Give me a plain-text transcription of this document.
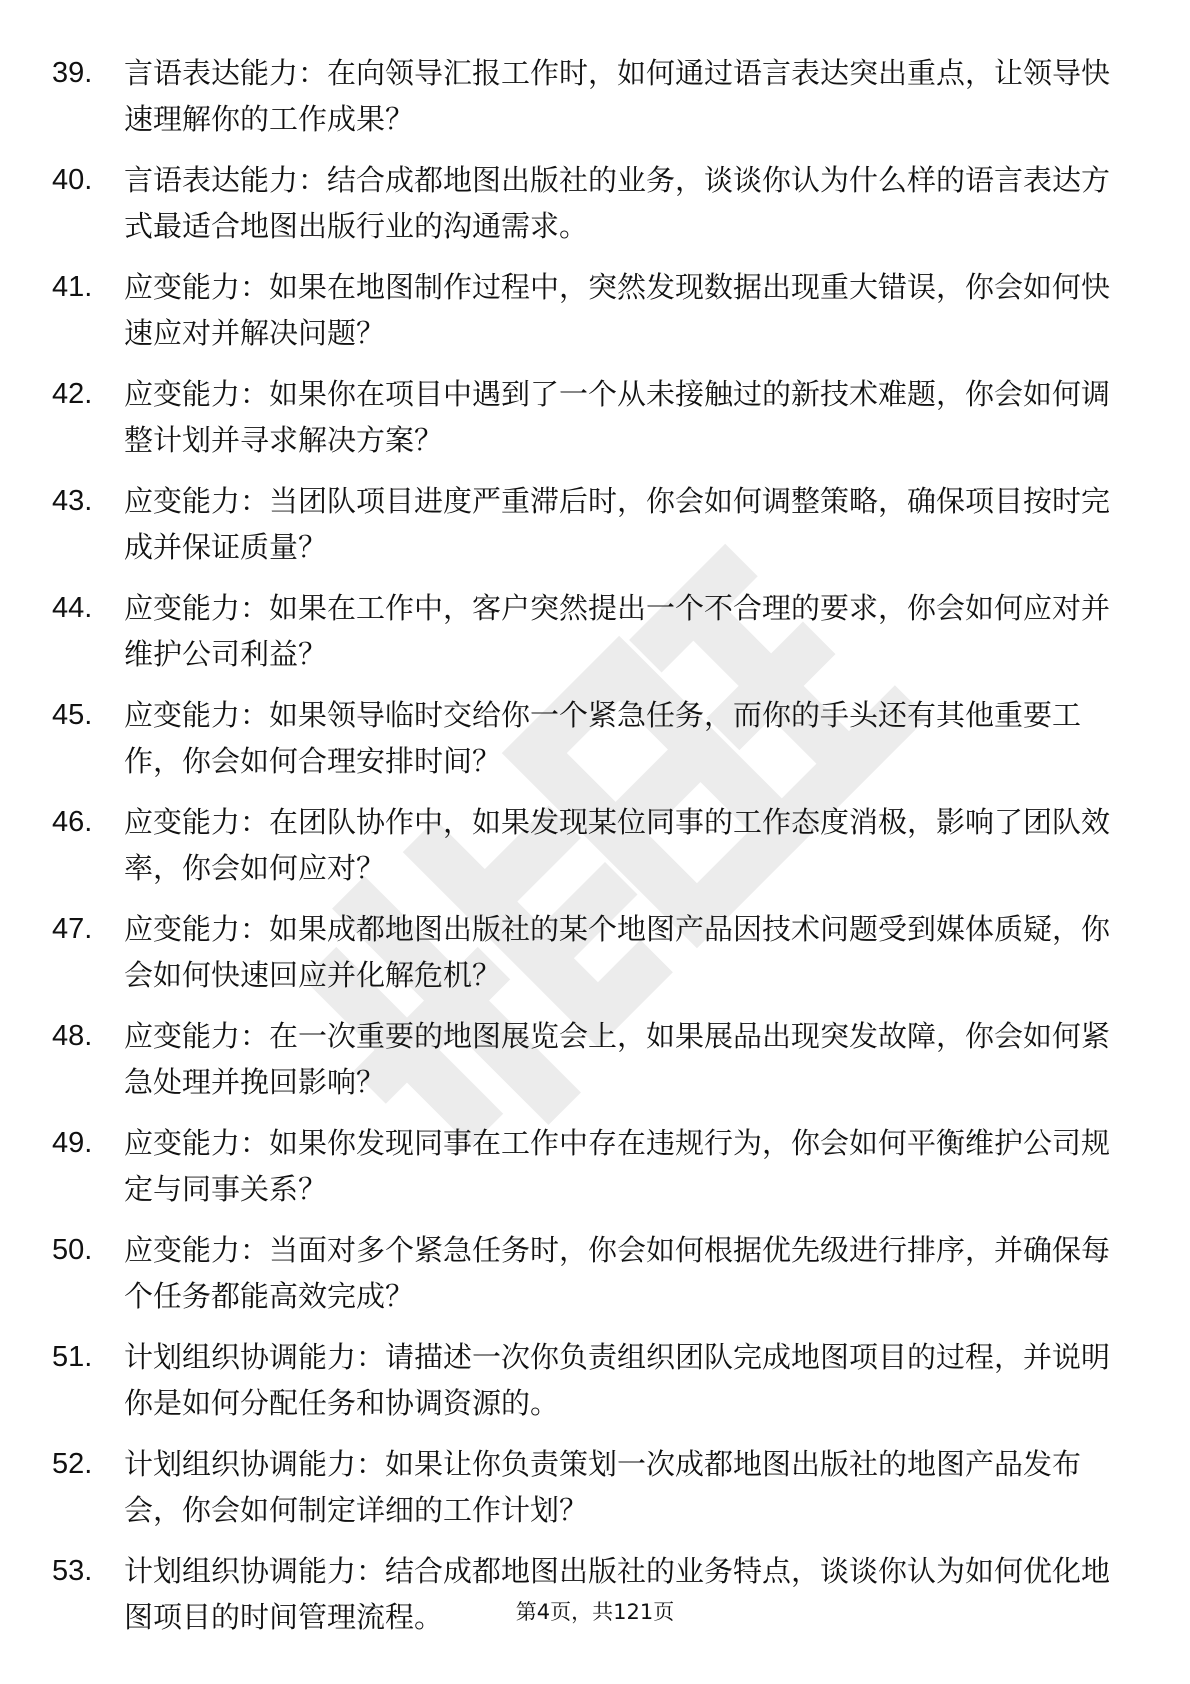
39.	言语表达能力：在向领导汇报工作时，如何通过语言表达突出重点，让领导快速理解你的工作成果？
40.	言语表达能力：结合成都地图出版社的业务，谈谈你认为什么样的语言表达方式最适合地图出版行业的沟通需求。
41.	应变能力：如果在地图制作过程中，突然发现数据出现重大错误，你会如何快速应对并解决问题？
42.	应变能力：如果你在项目中遇到了一个从未接触过的新技术难题，你会如何调整计划并寻求解决方案？
43.	应变能力：当团队项目进度严重滞后时，你会如何调整策略，确保项目按时完成并保证质量？
44.	应变能力：如果在工作中，客户突然提出一个不合理的要求，你会如何应对并维护公司利益？
45.	应变能力：如果领导临时交给你一个紧急任务，而你的手头还有其他重要工作，你会如何合理安排时间？
46.	应变能力：在团队协作中，如果发现某位同事的工作态度消极，影响了团队效率，你会如何应对？
47.	应变能力：如果成都地图出版社的某个地图产品因技术问题受到媒体质疑，你会如何快速回应并化解危机？
48.	应变能力：在一次重要的地图展览会上，如果展品出现突发故障，你会如何紧急处理并挽回影响？
49.	应变能力：如果你发现同事在工作中存在违规行为，你会如何平衡维护公司规定与同事关系？
50.	应变能力：当面对多个紧急任务时，你会如何根据优先级进行排序，并确保每个任务都能高效完成？
51.	计划组织协调能力：请描述一次你负责组织团队完成地图项目的过程，并说明你是如何分配任务和协调资源的。
52.	计划组织协调能力：如果让你负责策划一次成都地图出版社的地图产品发布会，你会如何制定详细的工作计划？
53.	计划组织协调能力：结合成都地图出版社的业务特点，谈谈你认为如何优化地图项目的时间管理流程。	第4页，共121页
